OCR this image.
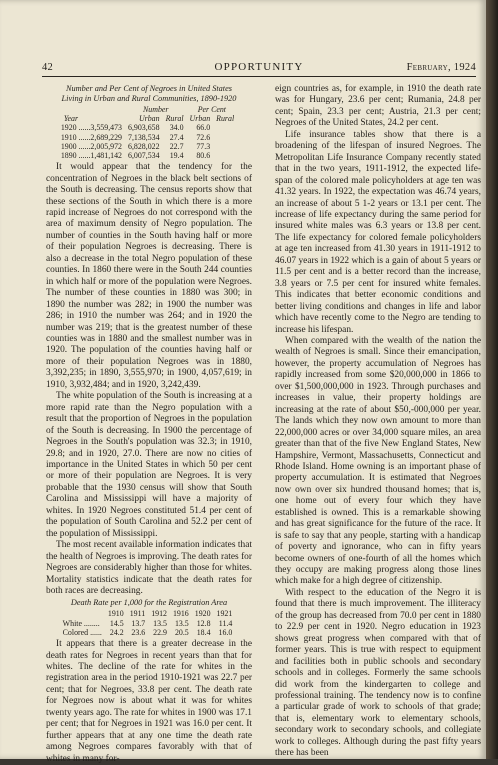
42	OPPORTUNITY	February, 1924
Number and Per Cent of Negroes in United States
Living in Urban and Rural Communities, 1890-1920
	Number		Per Cent	
Year	Urban	Rural	Urban	Rural
1920 ......3,559,473	6,903,658	34.0	66.0	
1910 ......2,689,229	7,138,534	27.4	72.6	
1900 ......2,005,972	6,828,022	22.7	77.3	
1890 ......1,481,142	6,007,534	19.4	80.6	

It would appear that the tendency for the concentration of Negroes in the black belt sections of the South is decreasing. The census reports show that these sections of the South in which there is a more rapid increase of Negroes do not correspond with the area of maximum density of Negro population. The number of counties in the South having half or more of their population Negroes is decreasing. There is also a decrease in the total Negro population of these counties. In 1860 there were in the South 244 counties in which half or more of the population were Negroes. The number of these counties in 1880 was 300; in 1890 the number was 282; in 1900 the number was 286; in 1910 the number was 264; and in 1920 the number was 219; that is the greatest number of these counties was in 1880 and the smallest number was in 1920. The population of the counties having half or more of their population Negroes was in 1880, 3,392,235; in 1890, 3,555,970; in 1900, 4,057,619; in 1910, 3,932,484; and in 1920, 3,242,439.

The white population of the South is increasing at a more rapid rate than the Negro population with a result that the proportion of Negroes in the population of the South is decreasing. In 1900 the percentage of Negroes in the South's population was 32.3; in 1910, 29.8; and in 1920, 27.0. There are now no cities of importance in the United States in which 50 per cent or more of their population are Negroes. It is very probable that the 1930 census will show that South Carolina and Mississippi will have a majority of whites. In 1920 Negroes constituted 51.4 per cent of the population of South Carolina and 52.2 per cent of the population of Mississippi.

The most recent available information indicates that the health of Negroes is improving. The death rates for Negroes are considerably higher than those for whites. Mortality statistics indicate that the death rates for both races are decreasing.

Death Rate per 1,000 for the Registration Area
	1910	1911	1912	1916	1920	1921
White ........	14.5	13.7	13.5	13.5	12.8	11.4
Colored ......	24.2	23.6	22.9	20.5	18.4	16.0

It appears that there is a greater decrease in the death rates for Negroes in recent years than that for whites. The decline of the rate for whites in the registration area in the period 1910-1921 was 22.7 per cent; that for Negroes, 33.8 per cent. The death rate for Negroes now is about what it was for whites twenty years ago. The rate for whites in 1900 was 17.1 per cent; that for Negroes in 1921 was 16.0 per cent. It further appears that at any one time the death rate among Negroes compares favorably with that of whites in many for-

eign countries as, for example, in 1910 the death rate was for Hungary, 23.6 per cent; Rumania, 24.8 per cent; Spain, 23.3 per cent; Austria, 21.3 per cent; Negroes of the United States, 24.2 per cent.

Life insurance tables show that there is a broadening of the lifespan of insured Negroes. The Metropolitan Life Insurance Company recently stated that in the two years, 1911-1912, the expected life-span of the colored male policyholders at age ten was 41.32 years. In 1922, the expectation was 46.74 years, an increase of about 5 1-2 years or 13.1 per cent. The increase of life expectancy during the same period for insured white males was 6.3 years or 13.8 per cent. The life expectancy for colored female policyholders at age ten increased from 41.30 years in 1911-1912 to 46.07 years in 1922 which is a gain of about 5 years or 11.5 per cent and is a better record than the increase, 3.8 years or 7.5 per cent for insured white females. This indicates that better economic conditions and better living conditions and changes in life and labor which have recently come to the Negro are tending to increase his lifespan.

When compared with the wealth of the nation the wealth of Negroes is small. Since their emancipation, however, the property accumulation of Negroes has rapidly increased from some $20,000,000 in 1866 to over $1,500,000,000 in 1923. Through purchases and increases in value, their property holdings are increasing at the rate of about $50,-000,000 per year. The lands which they now own amount to more than 22,000,000 acres or over 34,000 square miles, an area greater than that of the five New England States, New Hampshire, Vermont, Massachusetts, Connecticut and Rhode Island. Home owning is an important phase of property accumulation. It is estimated that Negroes now own over six hundred thousand homes; that is, one home out of every four which they have established is owned. This is a remarkable showing and has great significance for the future of the race. It is safe to say that any people, starting with a handicap of poverty and ignorance, who can in fifty years become owners of one-fourth of all the homes which they occupy are making progress along those lines which make for a high degree of citizenship.

With respect to the education of the Negro it is found that there is much improvement. The illiteracy of the group has decreased from 70.0 per cent in 1880 to 22.9 per cent in 1920. Negro education in 1923 shows great progress when compared with that of former years. This is true with respect to equipment and facilities both in public schools and secondary schools and in colleges. Formerly the same schools did work from the kindergarten to college and professional training. The tendency now is to confine a particular grade of work to schools of that grade; that is, elementary work to elementary schools, secondary work to secondary schools, and collegiate work to colleges. Although during the past fifty years there has been
